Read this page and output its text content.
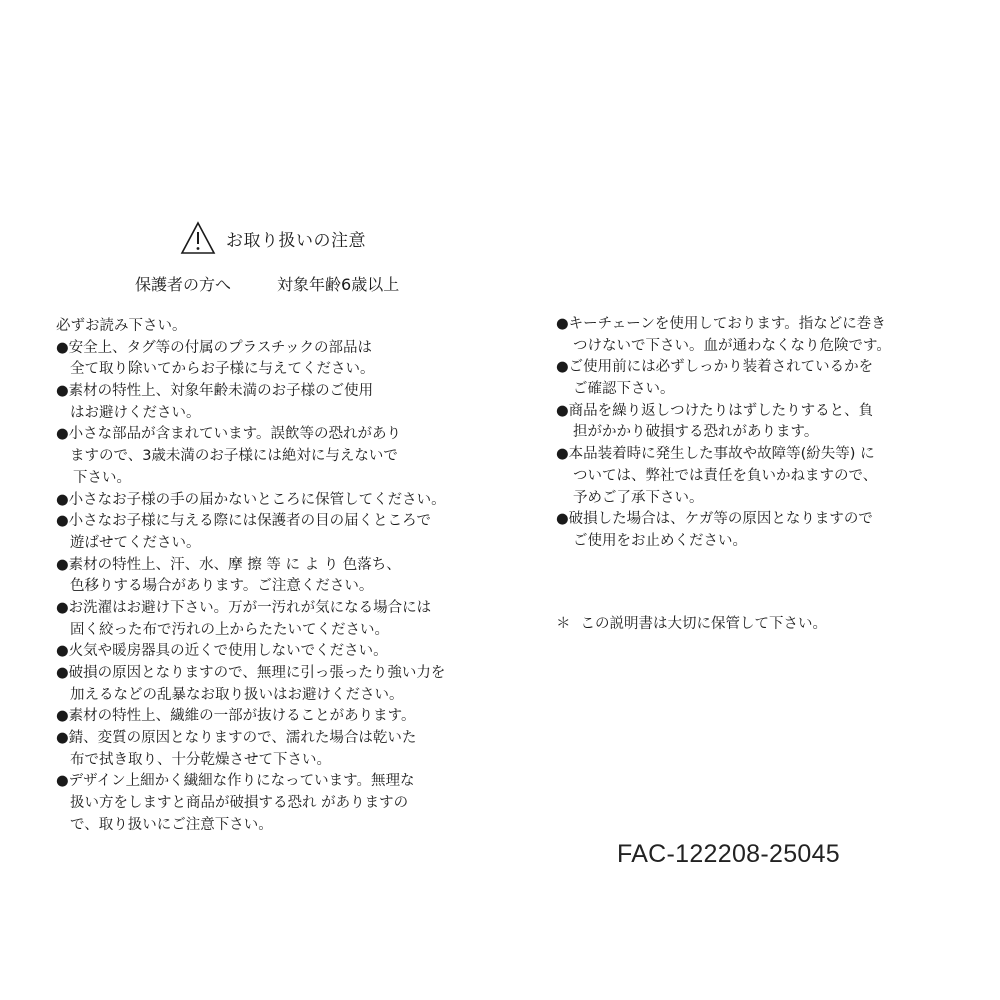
お取り扱いの注意
保護者の方へ	対象年齢6歳以上
必ずお読み下さい。
●安全上、タグ等の付属のプラスチックの部品は
全て取り除いてからお子様に与えてください。
●素材の特性上、対象年齢未満のお子様のご使用
はお避けください。
●小さな部品が含まれています。誤飲等の恐れがあり
ますので、3歳未満のお子様には絶対に与えないで
下さい。
●小さなお子様の手の届かないところに保管してください。
●小さなお子様に与える際には保護者の目の届くところで
遊ばせてください。
●素材の特性上、汗、水、摩 擦 等 に よ り 色落ち、
色移りする場合があります。ご注意ください。
●お洗濯はお避け下さい。万が一汚れが気になる場合には
固く絞った布で汚れの上からたたいてください。
●火気や暖房器具の近くで使用しないでください。
●破損の原因となりますので、無理に引っ張ったり強い力を
加えるなどの乱暴なお取り扱いはお避けください。
●素材の特性上、繊維の一部が抜けることがあります。
●錆、変質の原因となりますので、濡れた場合は乾いた
布で拭き取り、十分乾燥させて下さい。
●デザイン上細かく繊細な作りになっています。無理な
扱い方をしますと商品が破損する恐れ がありますの
で、取り扱いにご注意下さい。
●キーチェーンを使用しております。指などに巻き
つけないで下さい。血が通わなくなり危険です。
●ご使用前には必ずしっかり装着されているかを
ご確認下さい。
●商品を繰り返しつけたりはずしたりすると、負
担がかかり破損する恐れがあります。
●本品装着時に発生した事故や故障等(紛失等) に
ついては、弊社では責任を負いかねますので、
予めご了承下さい。
●破損した場合は、ケガ等の原因となりますので
ご使用をお止めください。
＊ この説明書は大切に保管して下さい。
FAC-122208-25045
